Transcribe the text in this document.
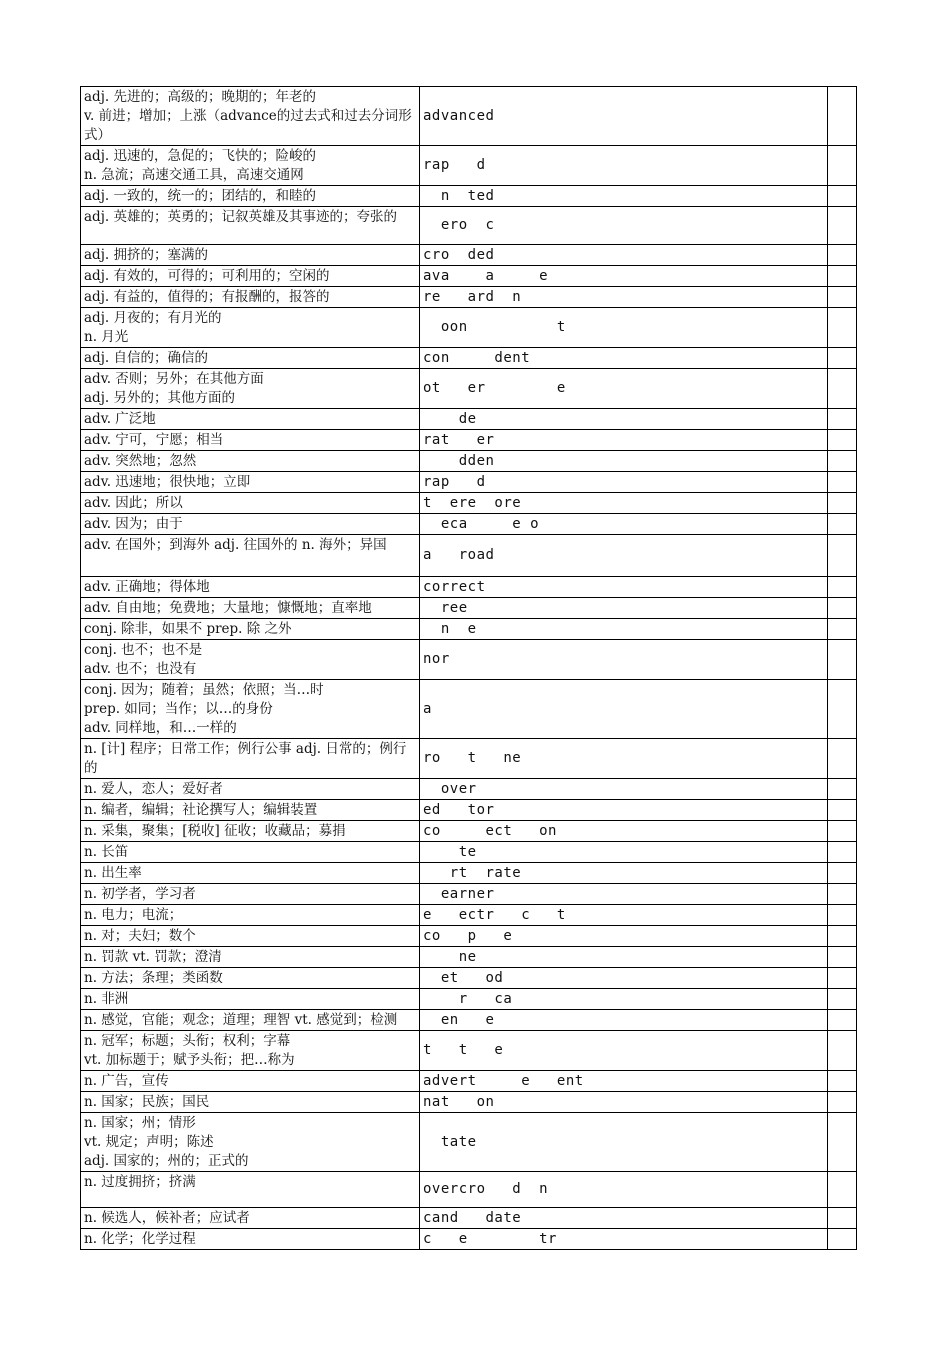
adj. 先进的；高级的；晚期的；年老的
v. 前进；增加；上涨（advance的过去式和过去分词形式）	advanced	
adj. 迅速的，急促的；飞快的；险峻的
n. 急流；高速交通工具，高速交通网	rap   d	
adj. 一致的，统一的；团结的，和睦的	n  ted	
adj. 英雄的；英勇的；记叙英雄及其事迹的；夸张的	ero  c	
adj. 拥挤的；塞满的	cro  ded	
adj. 有效的，可得的；可利用的；空闲的	ava    a     e	
adj. 有益的，值得的；有报酬的，报答的	re   ard  n	
adj. 月夜的；有月光的
n. 月光	oon          t	
adj. 自信的；确信的	con     dent	
adv. 否则；另外；在其他方面
adj. 另外的；其他方面的	ot   er        e	
adv. 广泛地	de	
adv. 宁可，宁愿；相当	rat   er	
adv. 突然地；忽然	dden	
adv. 迅速地；很快地；立即	rap   d	
adv. 因此；所以	t  ere  ore	
adv. 因为；由于	eca     e o	
adv. 在国外；到海外 adj. 往国外的 n. 海外；异国	a   road	
adv. 正确地；得体地	correct	
adv. 自由地；免费地；大量地；慷慨地；直率地	ree	
conj. 除非，如果不 prep. 除 之外	n  e	
conj. 也不；也不是
adv. 也不；也没有	nor	
conj. 因为；随着；虽然；依照；当…时
prep. 如同；当作；以…的身份
adv. 同样地，和…一样的	a	
n. [计] 程序；日常工作；例行公事 adj. 日常的；例行的	ro   t   ne	
n. 爱人，恋人；爱好者	over	
n. 编者，编辑；社论撰写人；编辑装置	ed   tor	
n. 采集，聚集；[税收] 征收；收藏品；募捐	co     ect   on	
n. 长笛	te	
n. 出生率	rt  rate	
n. 初学者，学习者	earner	
n. 电力；电流；	e   ectr   c   t	
n. 对；夫妇；数个	co   p   e	
n. 罚款 vt. 罚款；澄清	ne	
n. 方法；条理；类函数	et   od	
n. 非洲	r   ca	
n. 感觉，官能；观念；道理；理智 vt. 感觉到；检测	en   e	
n. 冠军；标题；头衔；权利；字幕
vt. 加标题于；赋予头衔；把…称为	t   t   e	
n. 广告，宣传	advert     e   ent	
n. 国家；民族；国民	nat   on	
n. 国家；州；情形
vt. 规定；声明；陈述
adj. 国家的；州的；正式的	tate	
n. 过度拥挤；挤满	overcro   d  n	
n. 候选人，候补者；应试者	cand   date	
n. 化学；化学过程	c   e        tr	
